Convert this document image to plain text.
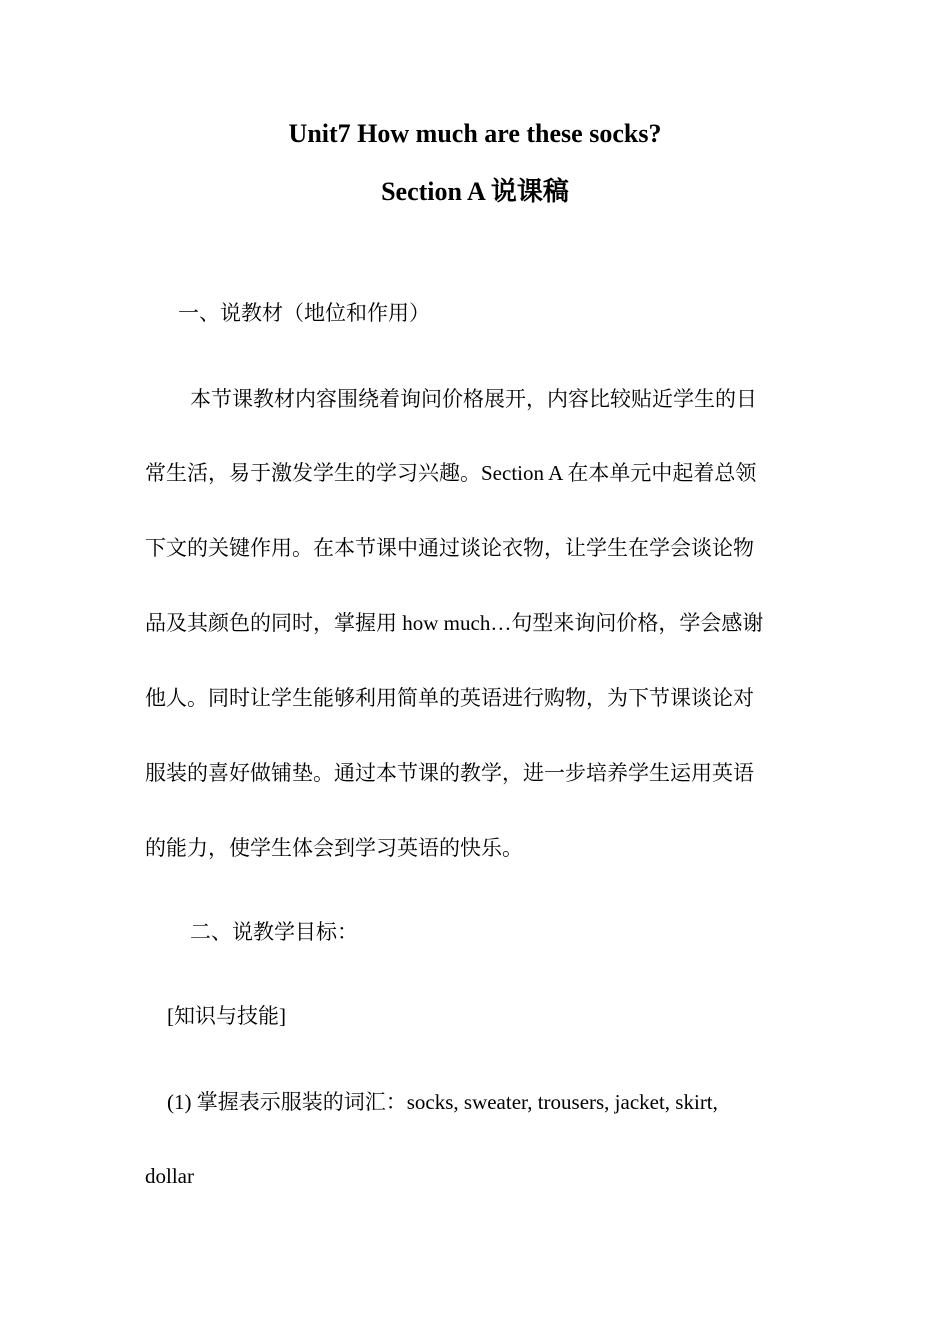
Unit7 How much are these socks?
Section A 说课稿
一、说教材（地位和作用）
本节课教材内容围绕着询问价格展开，内容比较贴近学生的日
常生活，易于激发学生的学习兴趣。Section A 在本单元中起着总领
下文的关键作用。在本节课中通过谈论衣物，让学生在学会谈论物
品及其颜色的同时，掌握用 how much…句型来询问价格，学会感谢
他人。同时让学生能够利用简单的英语进行购物，为下节课谈论对
服装的喜好做铺垫。通过本节课的教学，进一步培养学生运用英语
的能力，使学生体会到学习英语的快乐。
二、说教学目标：
[知识与技能]
(1) 掌握表示服装的词汇：socks, sweater, trousers, jacket, skirt,
dollar
